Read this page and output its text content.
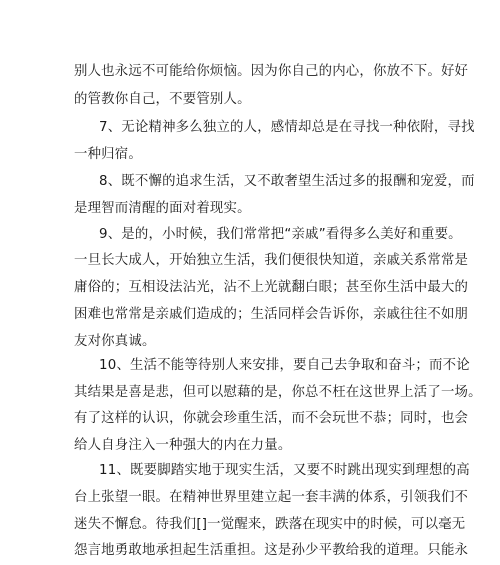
别人也永远不可能给你烦恼。因为你自己的内心，你放不下。好好
的管教你自己，不要管别人。
7、无论精神多么独立的人，感情却总是在寻找一种依附，寻找
一种归宿。
8、既不懈的追求生活，又不敢奢望生活过多的报酬和宠爱，而
是理智而清醒的面对着现实。
9、是的，小时候，我们常常把“亲戚”看得多么美好和重要。
一旦长大成人，开始独立生活，我们便很快知道，亲戚关系常常是
庸俗的；互相设法沾光，沾不上光就翻白眼；甚至你生活中最大的
困难也常常是亲戚们造成的；生活同样会告诉你，亲戚往往不如朋
友对你真诚。
10、生活不能等待别人来安排，要自己去争取和奋斗；而不论
其结果是喜是悲，但可以慰藉的是，你总不枉在这世界上活了一场。
有了这样的认识，你就会珍重生活，而不会玩世不恭；同时，也会
给人自身注入一种强大的内在力量。
11、既要脚踏实地于现实生活，又要不时跳出现实到理想的高
台上张望一眼。在精神世界里建立起一套丰满的体系，引领我们不
迷失不懈怠。待我们[]一觉醒来，跌落在现实中的时候，可以毫无
怨言地勇敢地承担起生活重担。这是孙少平教给我的道理。只能永
